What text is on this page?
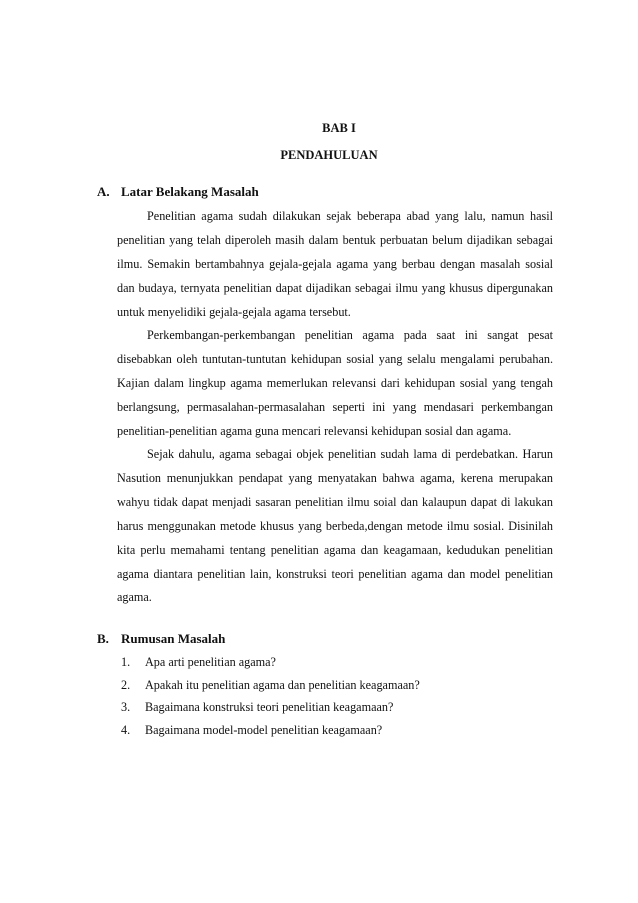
BAB I
PENDAHULUAN
A. Latar Belakang Masalah

Penelitian agama sudah dilakukan sejak beberapa abad yang lalu, namun hasil penelitian yang telah diperoleh masih dalam bentuk perbuatan belum dijadikan sebagai ilmu. Semakin bertambahnya gejala-gejala agama yang berbau dengan masalah sosial dan budaya, ternyata penelitian dapat dijadikan sebagai ilmu yang khusus dipergunakan untuk menyelidiki gejala-gejala agama tersebut.

Perkembangan-perkembangan penelitian agama pada saat ini sangat pesat disebabkan oleh tuntutan-tuntutan kehidupan sosial yang selalu mengalami perubahan. Kajian dalam lingkup agama memerlukan relevansi dari kehidupan sosial yang tengah berlangsung, permasalahan-permasalahan seperti ini yang mendasari perkembangan penelitian-penelitian agama guna mencari relevansi kehidupan sosial dan agama.

Sejak dahulu, agama sebagai objek penelitian sudah lama di perdebatkan. Harun Nasution menunjukkan pendapat yang menyatakan bahwa agama, kerena merupakan wahyu tidak dapat menjadi sasaran penelitian ilmu soial dan kalaupun dapat di lakukan harus menggunakan metode khusus yang berbeda,dengan metode ilmu sosial. Disinilah kita perlu memahami tentang penelitian agama dan keagamaan, kedudukan penelitian agama diantara penelitian lain, konstruksi teori penelitian agama dan model penelitian agama.

B. Rumusan Masalah
1. Apa arti penelitian agama?
2. Apakah itu penelitian agama dan penelitian keagamaan?
3. Bagaimana konstruksi teori penelitian keagamaan?
4. Bagaimana model-model penelitian keagamaan?
